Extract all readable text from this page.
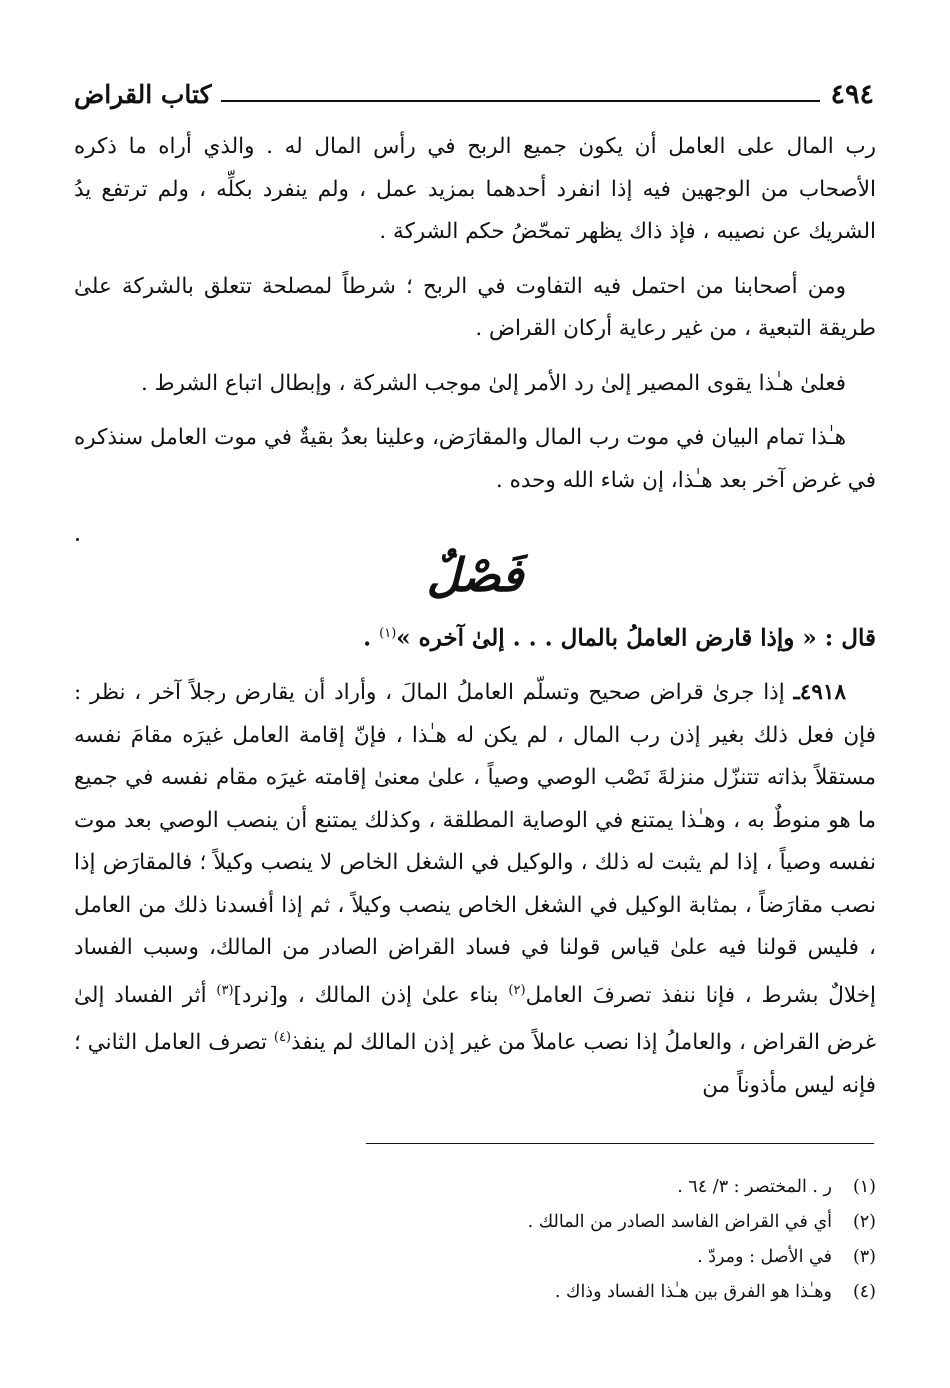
٤٩٤
كتاب القراض

رب المال على العامل أن يكون جميع الربح في رأس المال له . والذي أراه ما ذكره الأصحاب من الوجهين فيه إذا انفرد أحدهما بمزيد عمل ، ولم ينفرد بكلِّه ، ولم ترتفع يدُ الشريك عن نصيبه ، فإذ ذاك يظهر تمحّضُ حكم الشركة .

ومن أصحابنا من احتمل فيه التفاوت في الربح ؛ شرطاً لمصلحة تتعلق بالشركة علىٰ طريقة التبعية ، من غير رعاية أركان القراض .

فعلىٰ هـٰذا يقوى المصير إلىٰ رد الأمر إلىٰ موجب الشركة ، وإبطال اتباع الشرط .

هـٰذا تمام البيان في موت رب المال والمقارَض، وعلينا بعدُ بقيةٌ في موت العامل سنذكره في غرض آخر بعد هـٰذا، إن شاء الله وحده .

فَصْلٌ
قال : « وإذا قارض العاملُ بالمال . . . إلىٰ آخره »$^{(١)}$ .

٤٩١٨ـ إذا جرىٰ قراض صحيح وتسلّم العاملُ المالَ ، وأراد أن يقارض رجلاً آخر ، نظر : فإن فعل ذلك بغير إذن رب المال ، لم يكن له هـٰذا ، فإنّ إقامة العامل غيرَه مقامَ نفسه مستقلاً بذاته تتنزّل منزلةَ نَصْب الوصي وصياً ، علىٰ معنىٰ إقامته غيرَه مقام نفسه في جميع ما هو منوطٌ به ، وهـٰذا يمتنع في الوصاية المطلقة ، وكذلك يمتنع أن ينصب الوصي بعد موت نفسه وصياً ، إذا لم يثبت له ذلك ، والوكيل في الشغل الخاص لا ينصب وكيلاً ؛ فالمقارَض إذا نصب مقارَضاً ، بمثابة الوكيل في الشغل الخاص ينصب وكيلاً ، ثم إذا أفسدنا ذلك من العامل ، فليس قولنا فيه علىٰ قياس قولنا في فساد القراض الصادر من المالك، وسبب الفساد إخلالٌ بشرط ، فإنا ننفذ تصرفَ العامل$^{(٢)}$ بناء علىٰ إذن المالك ، و[نرد]$^{(٣)}$ أثر الفساد إلىٰ غرض القراض ، والعاملُ إذا نصب عاملاً من غير إذن المالك لم ينفذ$^{(٤)}$ تصرف العامل الثاني ؛ فإنه ليس مأذوناً من

(١)
ر . المختصر : ٣/ ٦٤ .
(٢)
أي في القراض الفاسد الصادر من المالك .
(٣)
في الأصل : ومردّ .
(٤)
وهـٰذا هو الفرق بين هـٰذا الفساد وذاك .
